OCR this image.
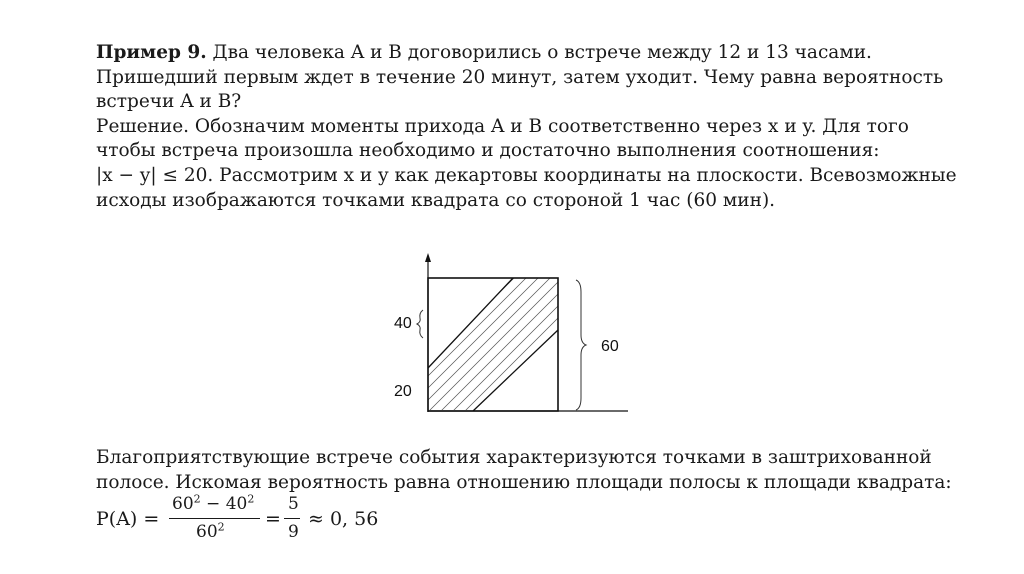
Пример 9. Два человека A и B договорились о встрече между 12 и 13 часами.
Пришедший первым ждет в течение 20 минут, затем уходит. Чему равна вероятность
встречи A и B?
Решение. Обозначим моменты прихода A и B соответственно через x и y. Для того
чтобы встреча произошла необходимо и достаточно выполнения соотношения:
|x − y| ≤ 20. Рассмотрим x и y как декартовы координаты на плоскости. Всевозможные
исходы изображаются точками квадрата со стороной 1 час (60 мин).
40
20
60
Благоприятствующие встрече события характеризуются точками в заштрихованной
полосе. Искомая вероятность равна отношению площади полосы к площади квадрата:
P(A) =
$60^2 - 40^2$
$60^2$ =
5
9
≈ 0, 56
